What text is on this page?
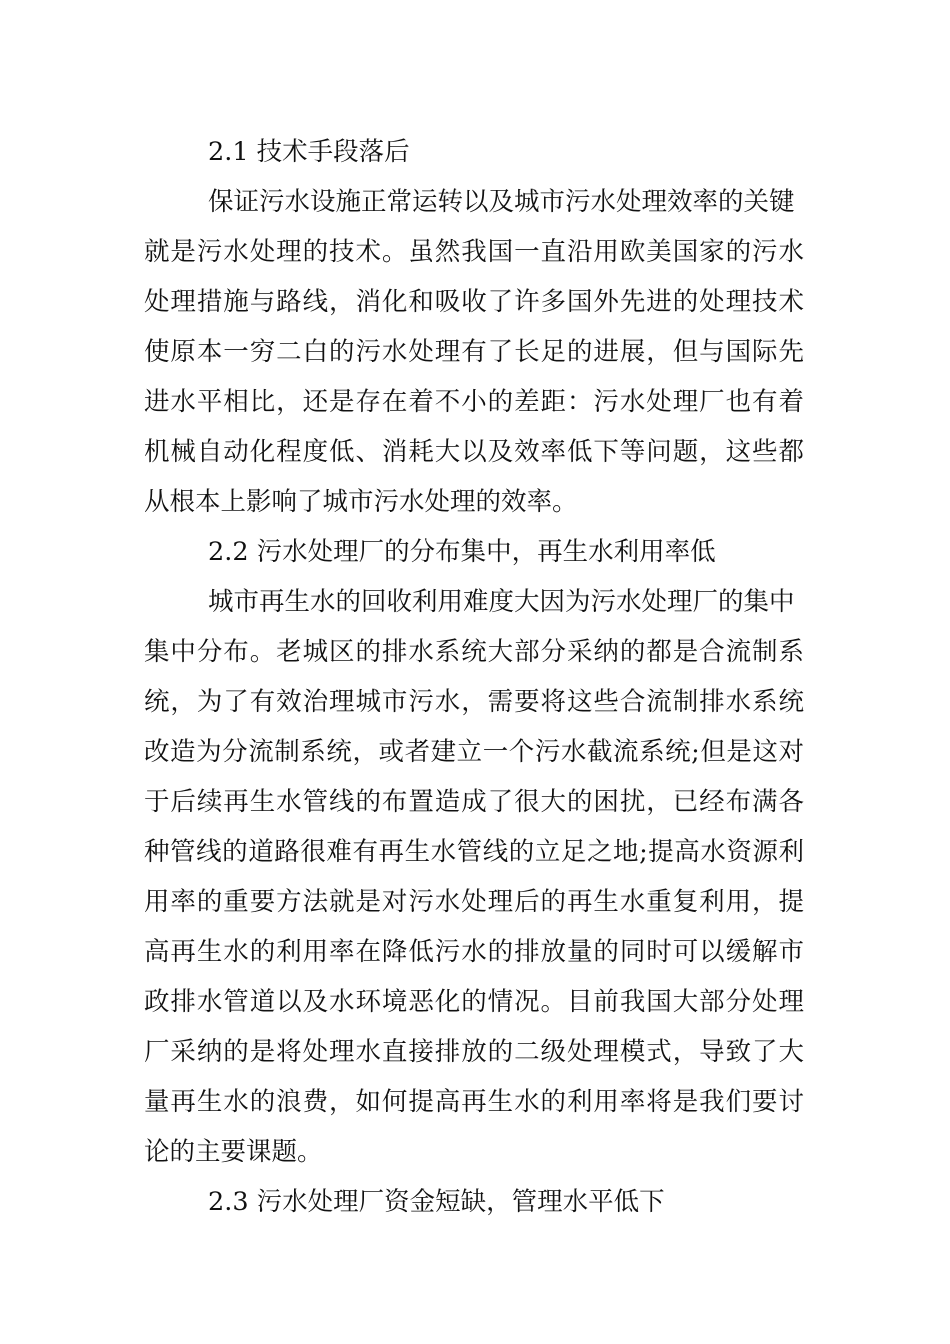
2.1 技术手段落后
保证污水设施正常运转以及城市污水处理效率的关键
就是污水处理的技术。虽然我国一直沿用欧美国家的污水
处理措施与路线，消化和吸收了许多国外先进的处理技术
使原本一穷二白的污水处理有了长足的进展，但与国际先
进水平相比，还是存在着不小的差距：污水处理厂也有着
机械自动化程度低、消耗大以及效率低下等问题，这些都
从根本上影响了城市污水处理的效率。
2.2 污水处理厂的分布集中，再生水利用率低
城市再生水的回收利用难度大因为污水处理厂的集中
集中分布。老城区的排水系统大部分采纳的都是合流制系
统，为了有效治理城市污水，需要将这些合流制排水系统
改造为分流制系统，或者建立一个污水截流系统;但是这对
于后续再生水管线的布置造成了很大的困扰，已经布满各
种管线的道路很难有再生水管线的立足之地;提高水资源利
用率的重要方法就是对污水处理后的再生水重复利用，提
高再生水的利用率在降低污水的排放量的同时可以缓解市
政排水管道以及水环境恶化的情况。目前我国大部分处理
厂采纳的是将处理水直接排放的二级处理模式，导致了大
量再生水的浪费，如何提高再生水的利用率将是我们要讨
论的主要课题。
2.3 污水处理厂资金短缺，管理水平低下
